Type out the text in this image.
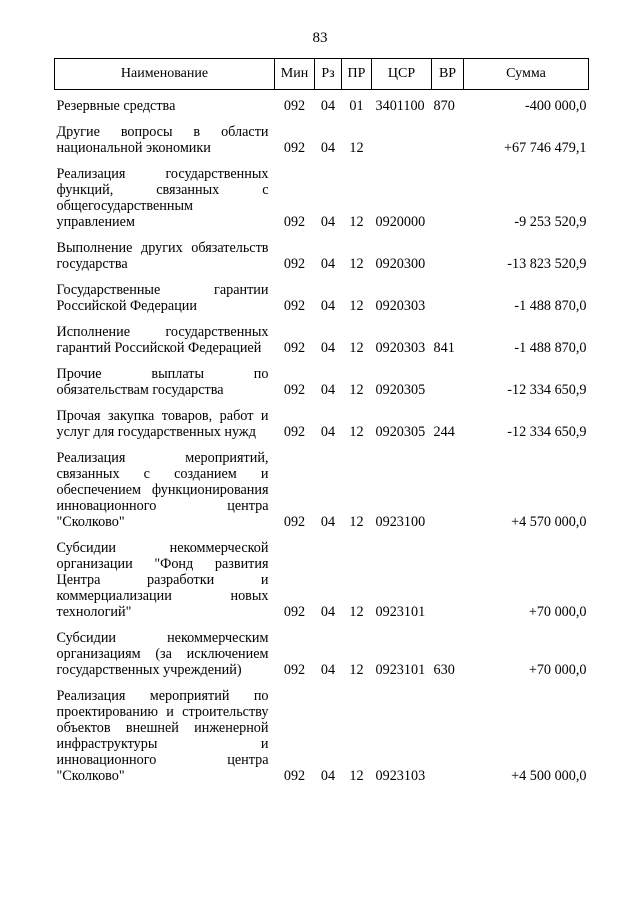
83
Наименование	Мин	Рз	ПР	ЦСР	ВР	Сумма
Резервные средства	092	04	01	3401100	870	-400 000,0
Другие вопросы в области национальной экономики	092	04	12			+67 746 479,1
Реализация государственных функций, связанных с общегосударственным управлением	092	04	12	0920000		-9 253 520,9
Выполнение других обязательств государства	092	04	12	0920300		-13 823 520,9
Государственные гарантии Российской Федерации	092	04	12	0920303		-1 488 870,0
Исполнение государственных гарантий Российской Федерацией	092	04	12	0920303	841	-1 488 870,0
Прочие выплаты по обязательствам государства	092	04	12	0920305		-12 334 650,9
Прочая закупка товаров, работ и услуг для государственных нужд	092	04	12	0920305	244	-12 334 650,9
Реализация мероприятий, связанных с созданием и обеспечением функционирования инновационного центра "Сколково"	092	04	12	0923100		+4 570 000,0
Субсидии некоммерческой организации "Фонд развития Центра разработки и коммерциализации новых технологий"	092	04	12	0923101		+70 000,0
Субсидии некоммерческим организациям (за исключением государственных учреждений)	092	04	12	0923101	630	+70 000,0
Реализация мероприятий по проектированию и строительству объектов внешней инженерной инфраструктуры и инновационного центра "Сколково"	092	04	12	0923103		+4 500 000,0
